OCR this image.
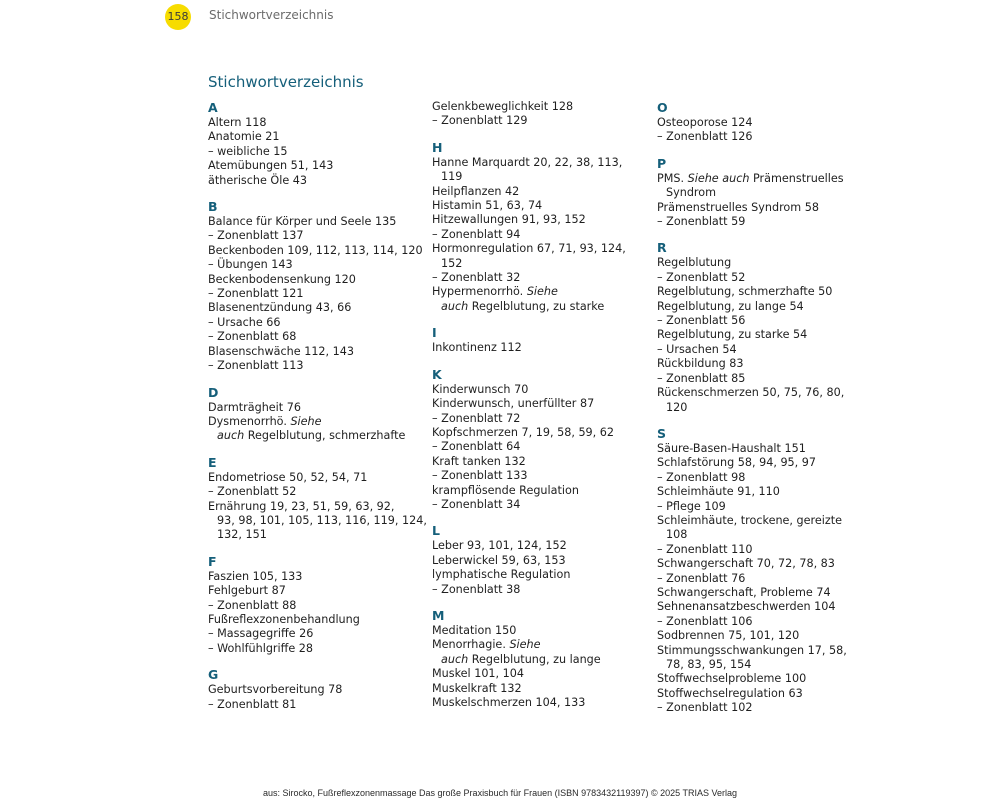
158 Stichwortverzeichnis
Stichwortverzeichnis
A
Altern 118
Anatomie 21
– weibliche 15
Atemübungen 51, 143
ätherische Öle 43
B
Balance für Körper und Seele 135
– Zonenblatt 137
Beckenboden 109, 112, 113, 114, 120
– Übungen 143
Beckenbodensenkung 120
– Zonenblatt 121
Blasenentzündung 43, 66
– Ursache 66
– Zonenblatt 68
Blasenschwäche 112, 143
– Zonenblatt 113
D
Darmträgheit 76
Dysmenorrhö. Siehe
auch Regelblutung, schmerzhafte
E
Endometriose 50, 52, 54, 71
– Zonenblatt 52
Ernährung 19, 23, 51, 59, 63, 92,
93, 98, 101, 105, 113, 116, 119, 124,
132, 151
F
Faszien 105, 133
Fehlgeburt 87
– Zonenblatt 88
Fußreflexzonenbehandlung
– Massagegriffe 26
– Wohlfühlgriffe 28
G
Geburtsvorbereitung 78
– Zonenblatt 81
Gelenkbeweglichkeit 128
– Zonenblatt 129
H
Hanne Marquardt 20, 22, 38, 113,
119
Heilpflanzen 42
Histamin 51, 63, 74
Hitzewallungen 91, 93, 152
– Zonenblatt 94
Hormonregulation 67, 71, 93, 124,
152
– Zonenblatt 32
Hypermenorrhö. Siehe
auch Regelblutung, zu starke
I
Inkontinenz 112
K
Kinderwunsch 70
Kinderwunsch, unerfüllter 87
– Zonenblatt 72
Kopfschmerzen 7, 19, 58, 59, 62
– Zonenblatt 64
Kraft tanken 132
– Zonenblatt 133
krampflösende Regulation
– Zonenblatt 34
L
Leber 93, 101, 124, 152
Leberwickel 59, 63, 153
lymphatische Regulation
– Zonenblatt 38
M
Meditation 150
Menorrhagie. Siehe
auch Regelblutung, zu lange
Muskel 101, 104
Muskelkraft 132
Muskelschmerzen 104, 133
O
Osteoporose 124
– Zonenblatt 126
P
PMS. Siehe auch Prämenstruelles
Syndrom
Prämenstruelles Syndrom 58
– Zonenblatt 59
R
Regelblutung
– Zonenblatt 52
Regelblutung, schmerzhafte 50
Regelblutung, zu lange 54
– Zonenblatt 56
Regelblutung, zu starke 54
– Ursachen 54
Rückbildung 83
– Zonenblatt 85
Rückenschmerzen 50, 75, 76, 80,
120
S
Säure-Basen-Haushalt 151
Schlafstörung 58, 94, 95, 97
– Zonenblatt 98
Schleimhäute 91, 110
– Pflege 109
Schleimhäute, trockene, gereizte
108
– Zonenblatt 110
Schwangerschaft 70, 72, 78, 83
– Zonenblatt 76
Schwangerschaft, Probleme 74
Sehnenansatzbeschwerden 104
– Zonenblatt 106
Sodbrennen 75, 101, 120
Stimmungsschwankungen 17, 58,
78, 83, 95, 154
Stoffwechselprobleme 100
Stoffwechselregulation 63
– Zonenblatt 102
aus: Sirocko, Fußreflexzonenmassage Das große Praxisbuch für Frauen (ISBN 9783432119397) © 2025 TRIAS Verlag
